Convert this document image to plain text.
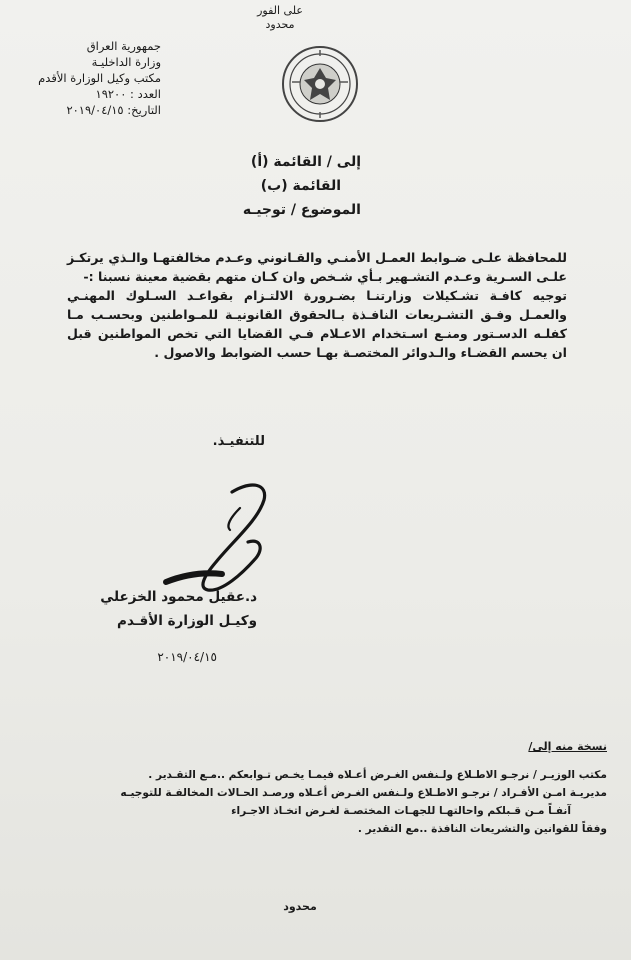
على الفور
محدود
جمهورية العراق
وزارة الداخليـة
مكتب وكيل الوزارة الأقدم
العدد : ١٩٢٠٠
التاريخ: ٢٠١٩/٠٤/١٥
إلى / القائمة (أ)
القائمة (ب)
الموضوع / توجيـه

للمحافظة علـى ضـوابط العمـل الأمنـي والقـانوني وعـدم مخالفتهـا والـذي يرتكـز علـى السـرية وعـدم التشـهير بـأي شـخص وان كـان متهم بقضية معينة نسبنا :-

توجيه كافـة تشـكيلات وزارتنـا بضـرورة الالتـزام بقواعـد السـلوك المهنـي والعمـل وفـق التشـريعات النافـذة بـالحقوق القانونيـة للمـواطنين وبحسـب مـا كفلـه الدسـتور ومنـع اسـتخدام الاعـلام فـي القضايا التي تخص المواطنين قبل ان يحسم القضـاء والـدوائر المختصـة بهـا حسب الضوابط والاصول .

للتنفيـذ.
د.عقيل محمود الخزعلي
وكيـل الوزارة الأقـدم
٢٠١٩/٠٤/١٥
نسخة منه إلى/
مكتب الوزيـر / نرجـو الاطـلاع ولـنفس الغـرض أعـلاه فيمـا يخـص تـوابعكم ..مـع التقـدير .
مديريـة امـن الأفـراد / نرجـو الاطـلاع ولـنفس الغـرض أعـلاه ورصـد الحـالات المخالفـة للتوجيـه
آنفـاً مـن قـبلكم واحالتهـا للجهـات المختصـة لغـرض اتخـاذ الاجـراء
وفقاً للقوانين والتشريعات النافذة ..مع التقدير .
محدود
